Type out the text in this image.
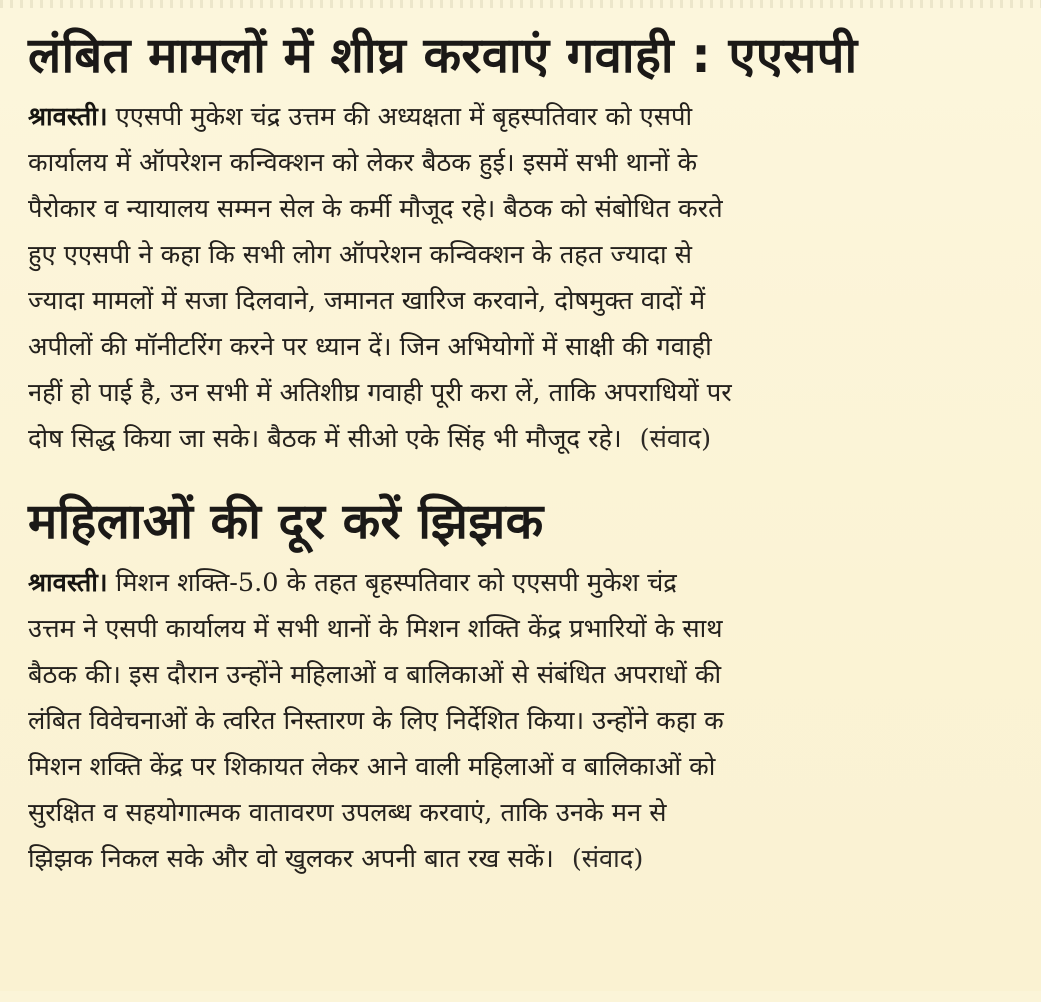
लंबित मामलों में शीघ्र करवाएं गवाही : एएसपी

श्रावस्ती। एएसपी मुकेश चंद्र उत्तम की अध्यक्षता में बृहस्पतिवार को एसपी
कार्यालय में ऑपरेशन कन्विक्शन को लेकर बैठक हुई। इसमें सभी थानों के
पैरोकार व न्यायालय सम्मन सेल के कर्मी मौजूद रहे। बैठक को संबोधित करते
हुए एएसपी ने कहा कि सभी लोग ऑपरेशन कन्विक्शन के तहत ज्यादा से
ज्यादा मामलों में सजा दिलवाने, जमानत खारिज करवाने, दोषमुक्त वादों में
अपीलों की मॉनीटरिंग करने पर ध्यान दें। जिन अभियोगों में साक्षी की गवाही
नहीं हो पाई है, उन सभी में अतिशीघ्र गवाही पूरी करा लें, ताकि अपराधियों पर
दोष सिद्ध किया जा सके। बैठक में सीओ एके सिंह भी मौजूद रहे। (संवाद)

महिलाओं की दूर करें झिझक

श्रावस्ती। मिशन शक्ति-5.0 के तहत बृहस्पतिवार को एएसपी मुकेश चंद्र
उत्तम ने एसपी कार्यालय में सभी थानों के मिशन शक्ति केंद्र प्रभारियों के साथ
बैठक की। इस दौरान उन्होंने महिलाओं व बालिकाओं से संबंधित अपराधों की
लंबित विवेचनाओं के त्वरित निस्तारण के लिए निर्देशित किया। उन्होंने कहा क
मिशन शक्ति केंद्र पर शिकायत लेकर आने वाली महिलाओं व बालिकाओं को
सुरक्षित व सहयोगात्मक वातावरण उपलब्ध करवाएं, ताकि उनके मन से
झिझक निकल सके और वो खुलकर अपनी बात रख सकें। (संवाद)
